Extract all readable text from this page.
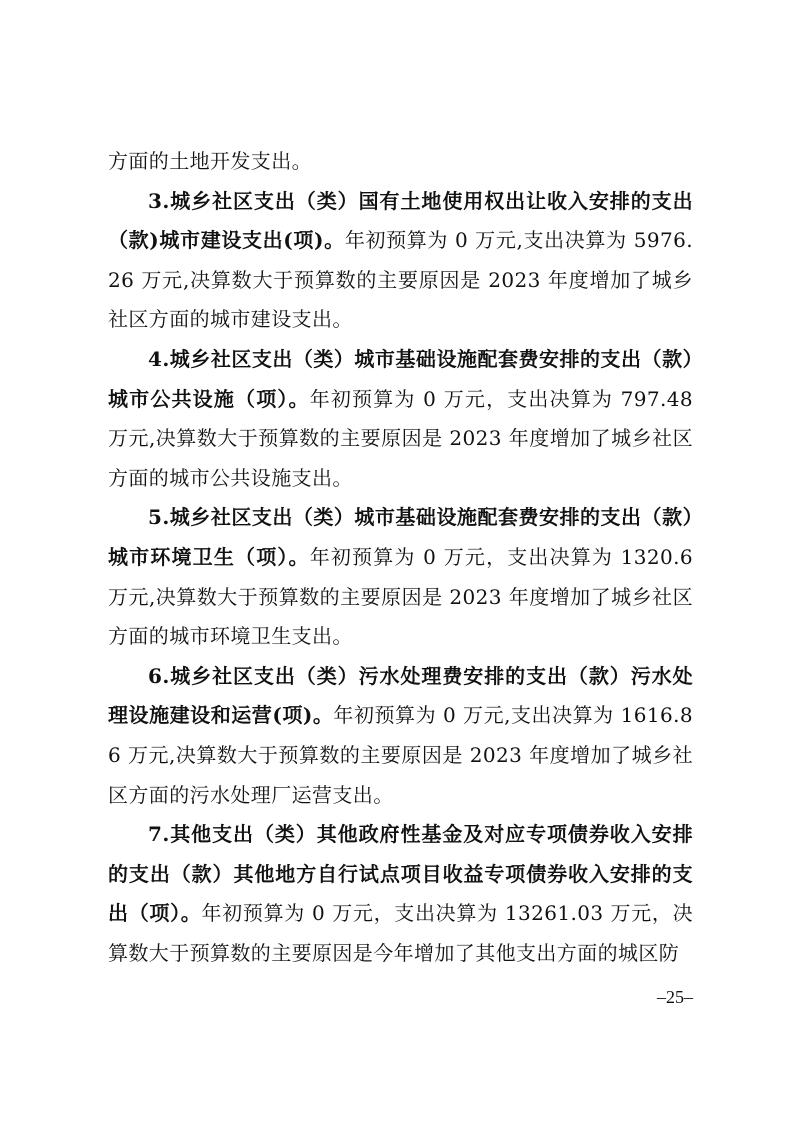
方面的土地开发支出。

3.城乡社区支出（类）国有土地使用权出让收入安排的支出（款)城市建设支出(项)。年初预算为 0 万元,支出决算为 5976.26 万元,决算数大于预算数的主要原因是 2023 年度增加了城乡社区方面的城市建设支出。

4.城乡社区支出（类）城市基础设施配套费安排的支出（款）城市公共设施（项）。年初预算为 0 万元，支出决算为 797.48 万元,决算数大于预算数的主要原因是 2023 年度增加了城乡社区方面的城市公共设施支出。

5.城乡社区支出（类）城市基础设施配套费安排的支出（款）城市环境卫生（项）。年初预算为 0 万元，支出决算为 1320.6 万元,决算数大于预算数的主要原因是 2023 年度增加了城乡社区方面的城市环境卫生支出。

6.城乡社区支出（类）污水处理费安排的支出（款）污水处理设施建设和运营(项)。年初预算为 0 万元,支出决算为 1616.86 万元,决算数大于预算数的主要原因是 2023 年度增加了城乡社区方面的污水处理厂运营支出。

7.其他支出（类）其他政府性基金及对应专项债券收入安排的支出（款）其他地方自行试点项目收益专项债券收入安排的支出（项）。年初预算为 0 万元，支出决算为 13261.03 万元，决算数大于预算数的主要原因是今年增加了其他支出方面的城区防

–25–
